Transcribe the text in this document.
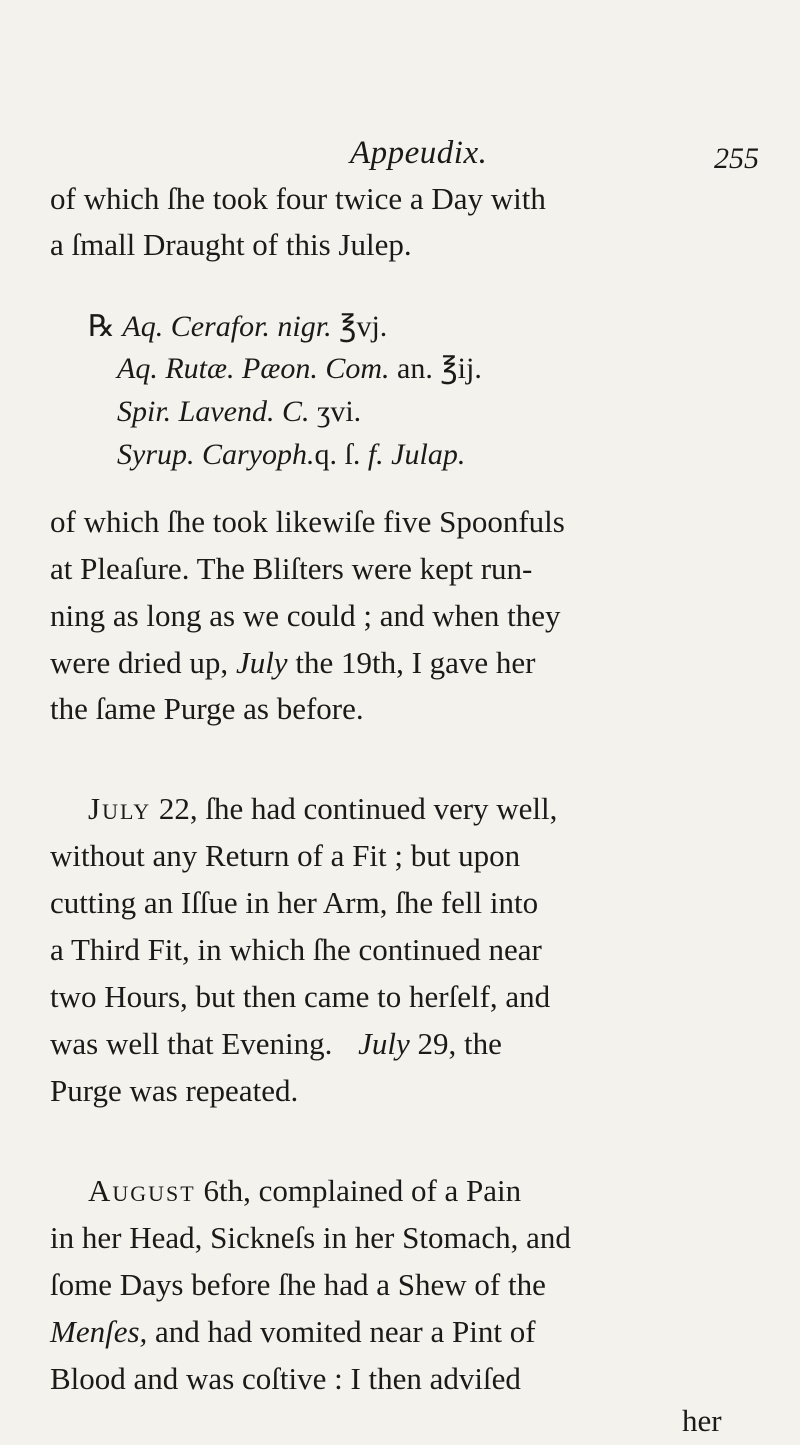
Appeudix.	255
of which ſhe took four twice a Day with
a ſmall Draught of this Julep.
℞ Aq. Cerafor. nigr. ℥vj.
Aq. Rutæ. Pæon. Com. an. ℥ij.
Spir. Lavend. C. ʒvi.
Syrup. Caryoph.q. ſ. f. Julap.
of which ſhe took likewiſe five Spoonfuls
at Pleaſure. The Bliſters were kept run-
ning as long as we could ; and when they
were dried up, July the 19th, I gave her
the ſame Purge as before.
July 22, ſhe had continued very well,
without any Return of a Fit ; but upon
cutting an Iſſue in her Arm, ſhe fell into
a Third Fit, in which ſhe continued near
two Hours, but then came to herſelf, and
was well that Evening. July 29, the
Purge was repeated.
August 6th, complained of a Pain
in her Head, Sickneſs in her Stomach, and
ſome Days before ſhe had a Shew of the
Menſes, and had vomited near a Pint of
Blood and was coſtive : I then adviſed
her
